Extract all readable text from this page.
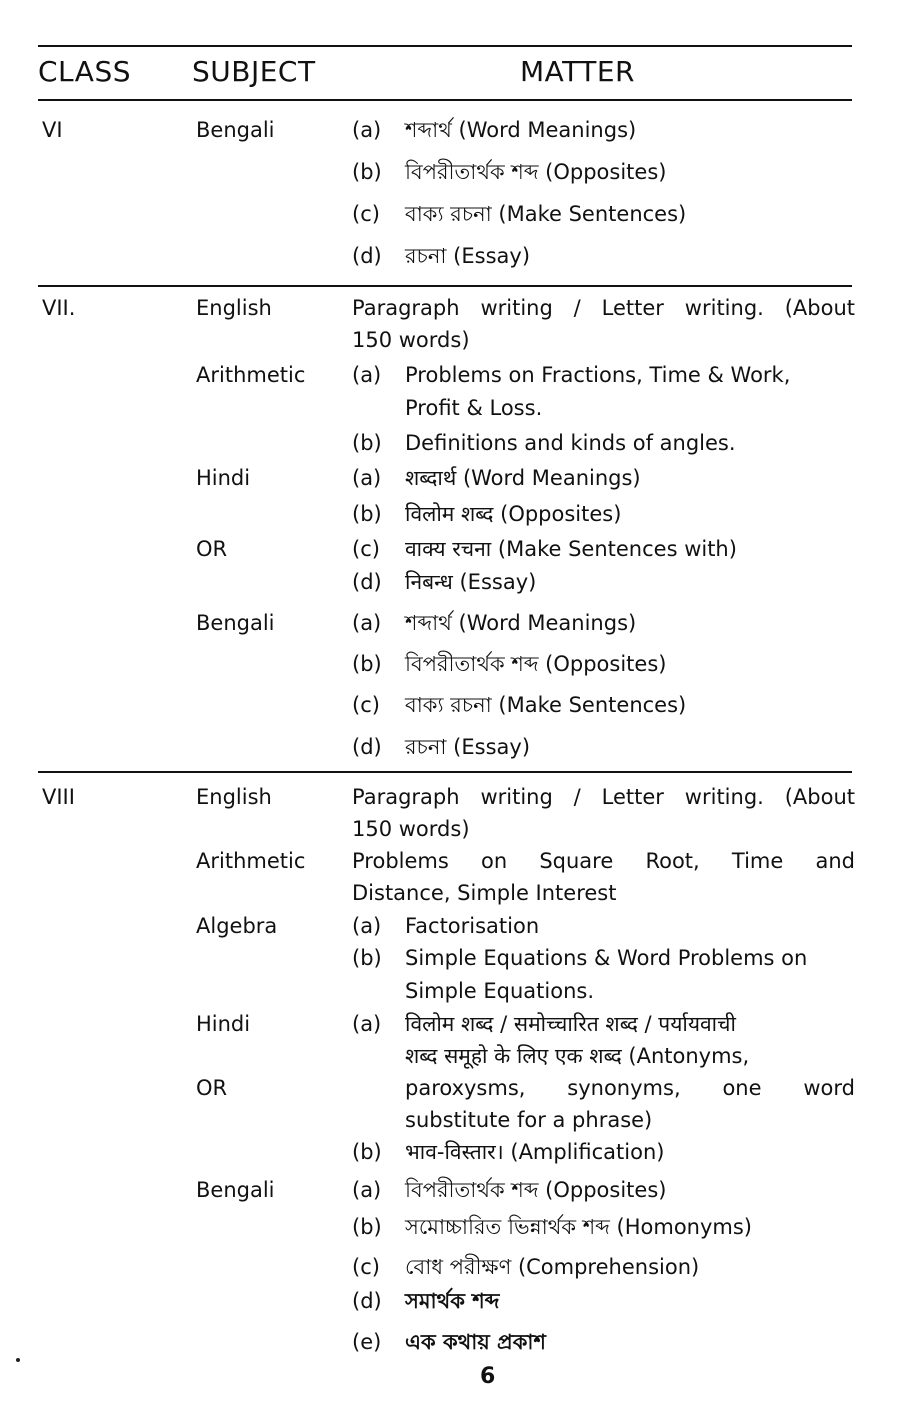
CLASS SUBJECT	MATTER
VI	Bengali	(a) শব্দার্থ (Word Meanings)
(b) বিপরীতার্থক শব্দ (Opposites)
(c) বাক্য রচনা (Make Sentences)
(d) রচনা (Essay)
VII.	English	Paragraph writing / Letter writing. (About
150 words)
Arithmetic (a) Problems on Fractions, Time & Work,
Profit & Loss.
(b) Definitions and kinds of angles.
Hindi	(a) शब्दार्थ (Word Meanings)
(b) विलोम शब्द (Opposites)
OR	(c) वाक्य रचना (Make Sentences with)
(d) निबन्ध (Essay)
Bengali	(a) শব্দার্থ (Word Meanings)
(b) বিপরীতার্থক শব্দ (Opposites)
(c) বাক্য রচনা (Make Sentences)
(d) রচনা (Essay)
VIII	English	Paragraph writing / Letter writing. (About
150 words)
Arithmetic Problems on Square Root, Time and
Distance, Simple Interest
Algebra	(a) Factorisation
(b) Simple Equations & Word Problems on
Simple Equations.
Hindi	(a) विलोम शब्द / समोच्चारित शब्द / पर्यायवाची
शब्द समूहो के लिए एक शब्द (Antonyms,
OR	paroxysms, synonyms, one word
substitute for a phrase)
(b) भाव-विस्तार। (Amplification)
Bengali	(a) বিপরীতার্থক শব্দ (Opposites)
(b) সমোচ্চারিত ভিন্নার্থক শব্দ (Homonyms)
(c) বোধ পরীক্ষণ (Comprehension)
(d) সমার্থক শব্দ
(e) এক কথায় প্রকাশ
6
